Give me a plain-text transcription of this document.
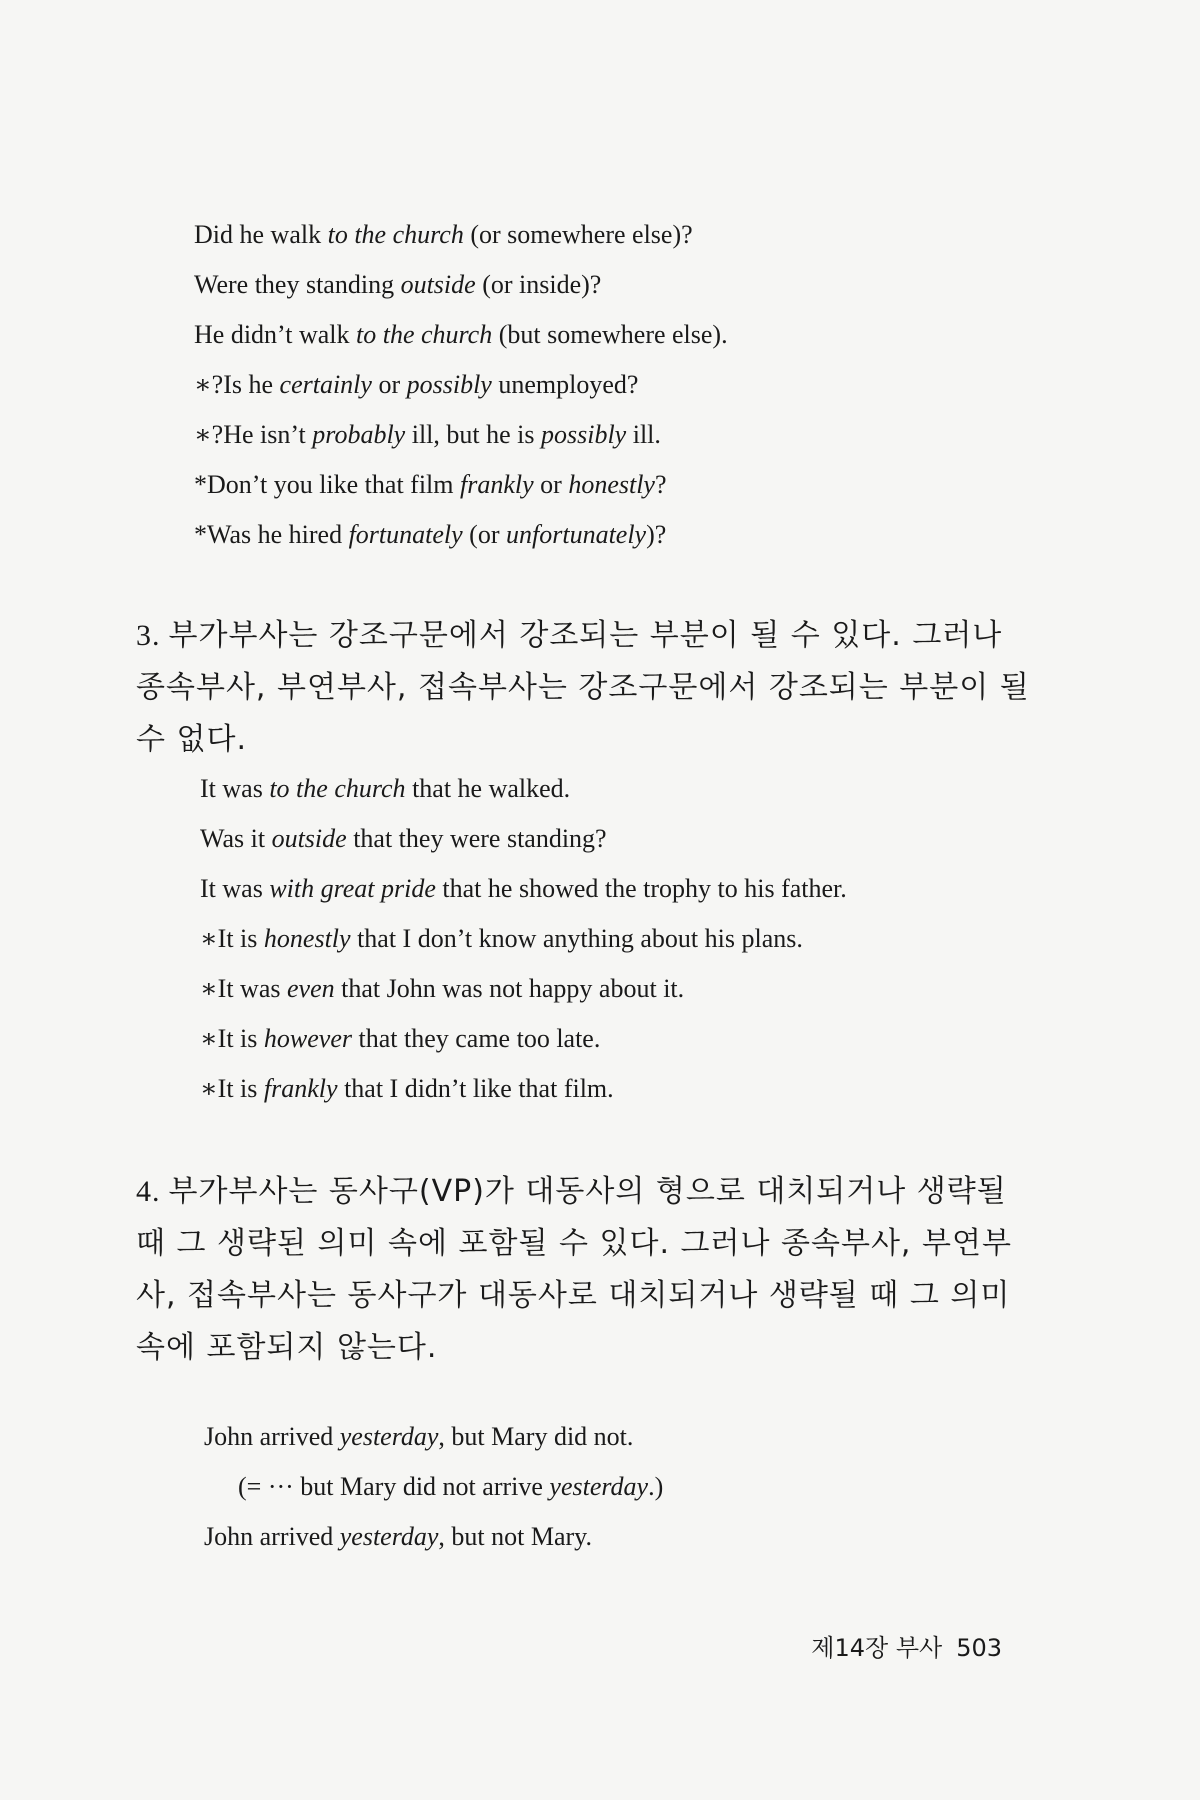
Did he walk to the church (or somewhere else)?
Were they standing outside (or inside)?
He didn’t walk to the church (but somewhere else).
∗?Is he certainly or possibly unemployed?
∗?He isn’t probably ill, but he is possibly ill.
*Don’t you like that film frankly or honestly?
*Was he hired fortunately (or unfortunately)?
3. 부가부사는 강조구문에서 강조되는 부분이 될 수 있다. 그러나 종속부사, 부연부사, 접속부사는 강조구문에서 강조되는 부분이 될 수 없다.
It was to the church that he walked.
Was it outside that they were standing?
It was with great pride that he showed the trophy to his father.
∗It is honestly that I don’t know anything about his plans.
∗It was even that John was not happy about it.
∗It is however that they came too late.
∗It is frankly that I didn’t like that film.
4. 부가부사는 동사구(VP)가 대동사의 형으로 대치되거나 생략될 때 그 생략된 의미 속에 포함될 수 있다. 그러나 종속부사, 부연부사, 접속부사는 동사구가 대동사로 대치되거나 생략될 때 그 의미 속에 포함되지 않는다.
John arrived yesterday, but Mary did not.
(= ··· but Mary did not arrive yesterday.)
John arrived yesterday, but not Mary.
제14장 부사 503
